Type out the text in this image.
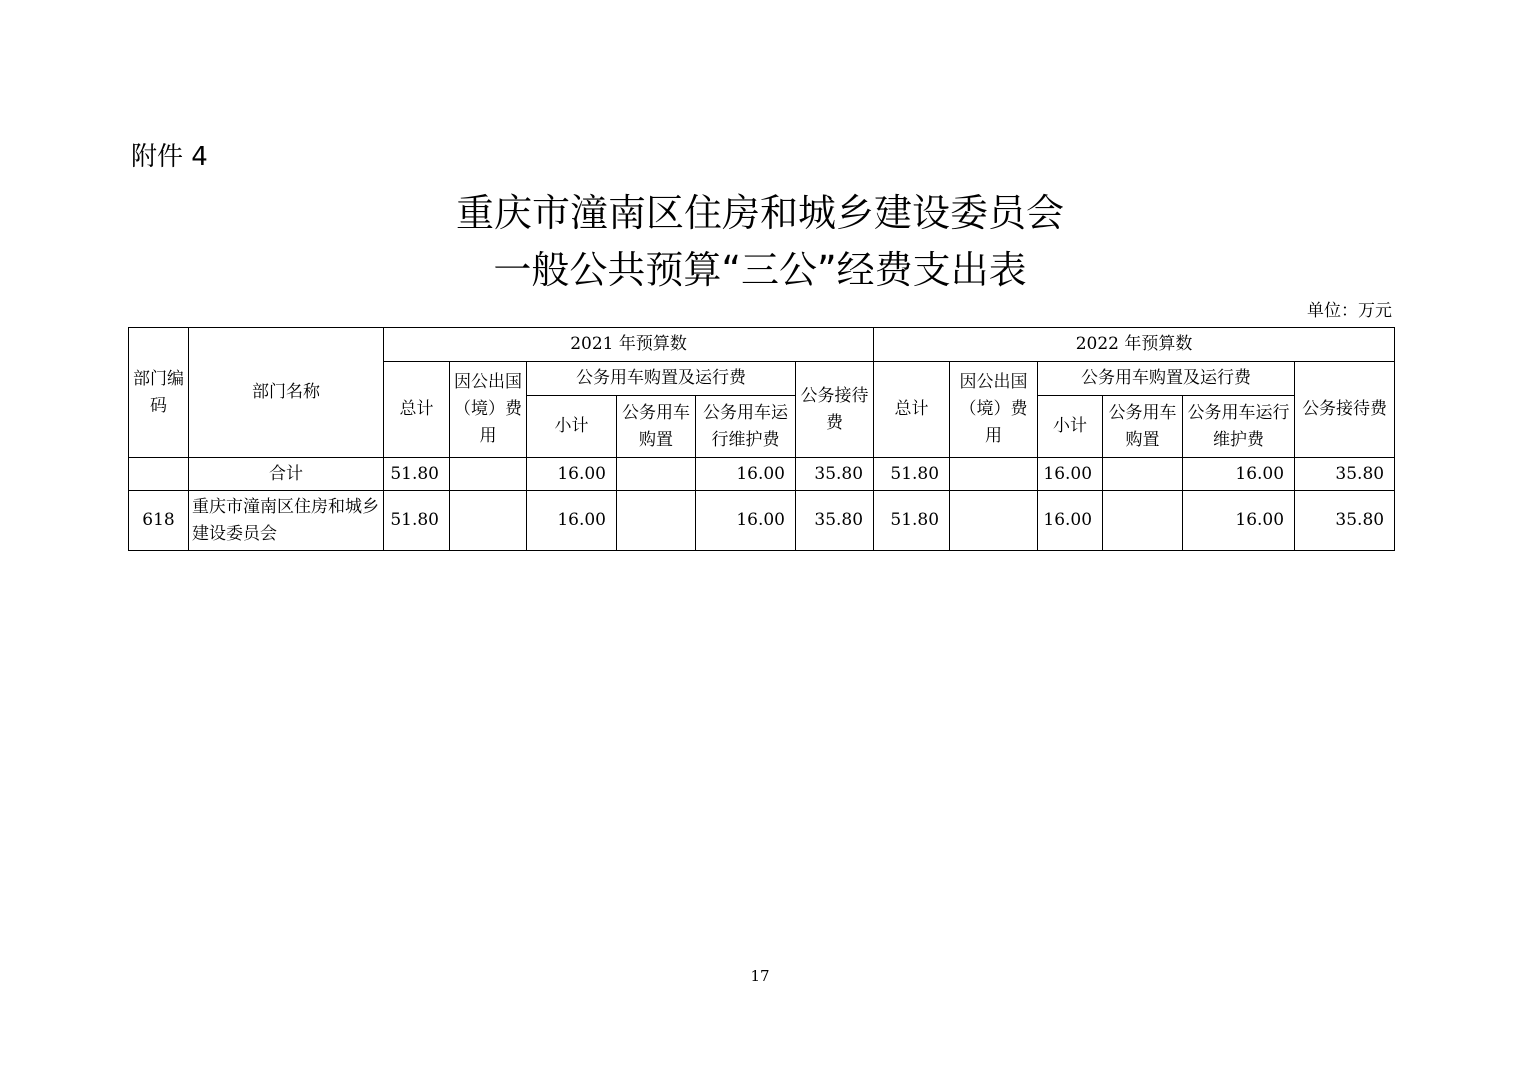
附件 4
重庆市潼南区住房和城乡建设委员会
一般公共预算“三公”经费支出表
单位：万元
部门编码	部门名称	2021 年预算数						2022 年预算数					
		总计	因公出国（境）费用	公务用车购置及运行费			公务接待费	总计	因公出国（境）费用	公务用车购置及运行费			公务接待费
				小计	公务用车购置	公务用车运行维护费				小计	公务用车购置	公务用车运行维护费	
	合计	51.80		16.00		16.00	35.80	51.80		16.00		16.00	35.80
618	重庆市潼南区住房和城乡建设委员会	51.80		16.00		16.00	35.80	51.80		16.00		16.00	35.80
17
